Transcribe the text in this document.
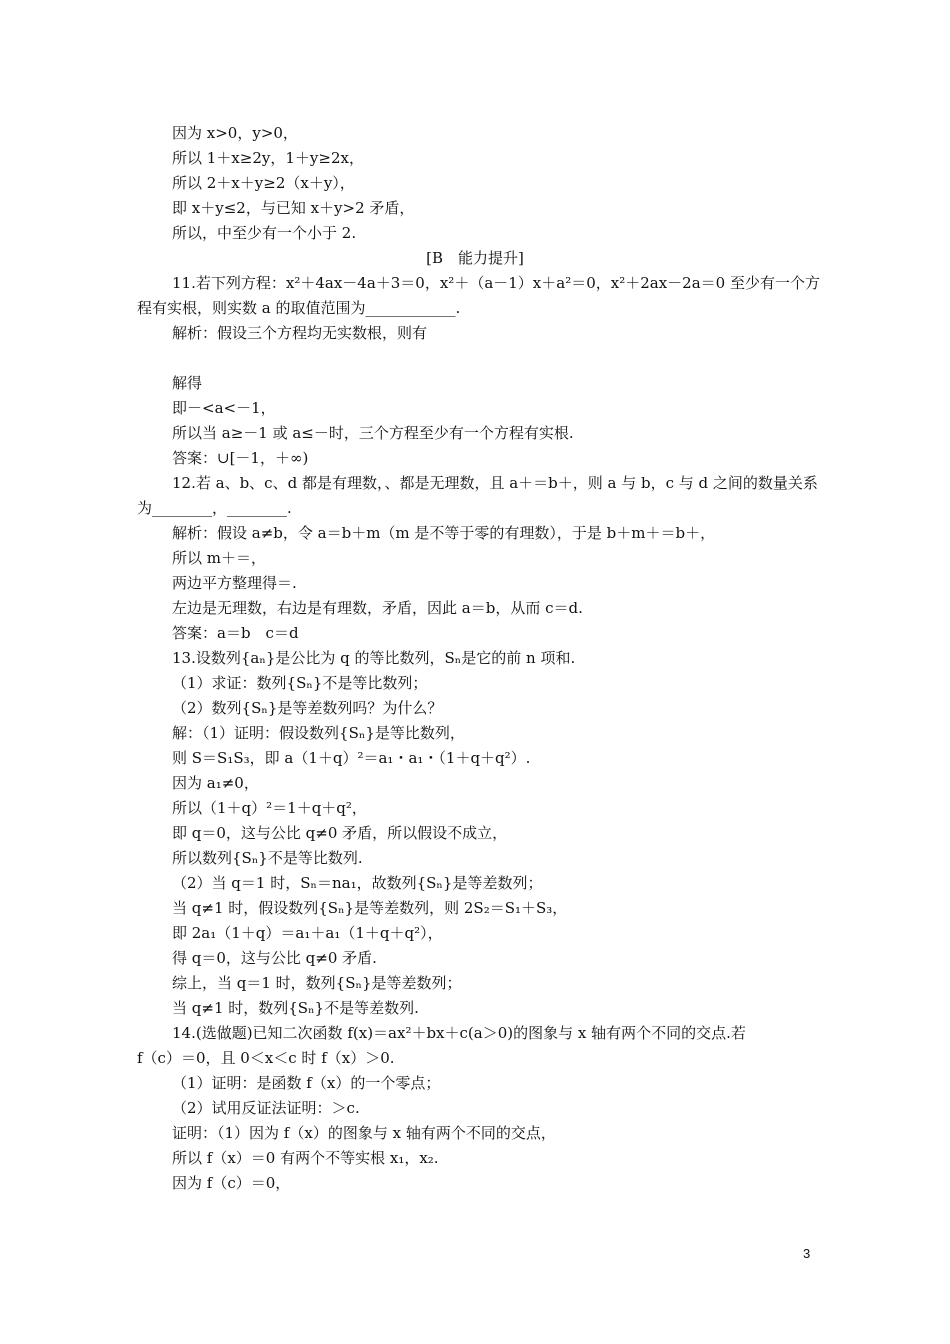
因为 x>0，y>0，
所以 1＋x≥2y，1＋y≥2x，
所以 2＋x＋y≥2（x＋y），
即 x＋y≤2，与已知 x＋y>2 矛盾，
所以，中至少有一个小于 2.
[B　能力提升]
11.若下列方程：x²＋4ax－4a＋3＝0，x²＋（a－1）x＋a²＝0，x²＋2ax－2a＝0 至少有一个方
程有实根，则实数 a 的取值范围为____________.
解析：假设三个方程均无实数根，则有
解得
即－<a<－1，
所以当 a≥－1 或 a≤－时，三个方程至少有一个方程有实根.
答案：∪[－1，＋∞)
12.若 a、b、c、d 都是有理数，、都是无理数，且 a＋＝b＋，则 a 与 b，c 与 d 之间的数量关系
为________，________.
解析：假设 a≠b，令 a＝b＋m（m 是不等于零的有理数），于是 b＋m＋＝b＋，
所以 m＋＝，
两边平方整理得＝.
左边是无理数，右边是有理数，矛盾，因此 a＝b，从而 c＝d.
答案：a＝b　c＝d
13.设数列{aₙ}是公比为 q 的等比数列，Sₙ是它的前 n 项和.
（1）求证：数列{Sₙ}不是等比数列；
（2）数列{Sₙ}是等差数列吗？为什么？
解：（1）证明：假设数列{Sₙ}是等比数列，
则 S＝S₁S₃，即 a（1＋q）²＝a₁・a₁・（1＋q＋q²）.
因为 a₁≠0，
所以（1＋q）²＝1＋q＋q²，
即 q＝0，这与公比 q≠0 矛盾，所以假设不成立，
所以数列{Sₙ}不是等比数列.
（2）当 q＝1 时，Sₙ＝na₁，故数列{Sₙ}是等差数列；
当 q≠1 时，假设数列{Sₙ}是等差数列，则 2S₂＝S₁＋S₃，
即 2a₁（1＋q）＝a₁＋a₁（1＋q＋q²），
得 q＝0，这与公比 q≠0 矛盾.
综上，当 q＝1 时，数列{Sₙ}是等差数列；
当 q≠1 时，数列{Sₙ}不是等差数列.
14.(选做题)已知二次函数 f(x)＝ax²＋bx＋c(a＞0)的图象与 x 轴有两个不同的交点.若
f（c）＝0，且 0＜x＜c 时 f（x）＞0.
（1）证明：是函数 f（x）的一个零点；
（2）试用反证法证明：＞c.
证明：（1）因为 f（x）的图象与 x 轴有两个不同的交点，
所以 f（x）＝0 有两个不等实根 x₁，x₂.
因为 f（c）＝0，
3
